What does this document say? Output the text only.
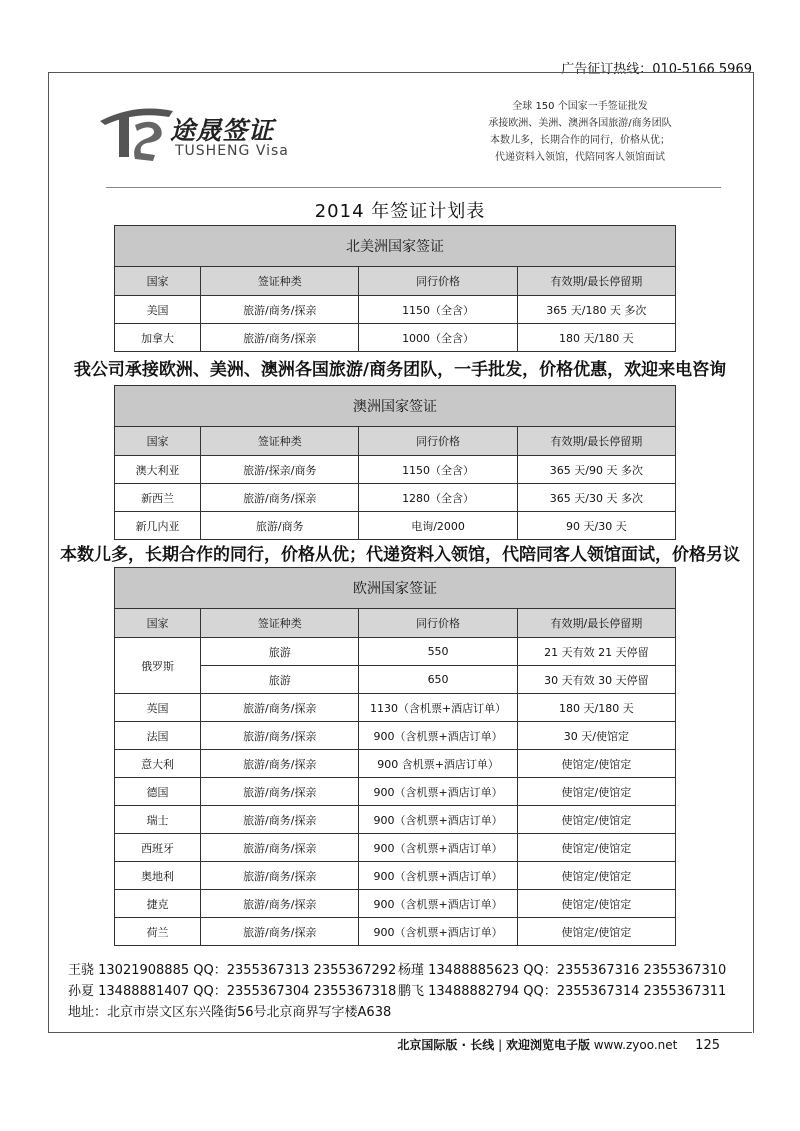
广告征订热线：010-5166 5969
途晟签证
TUSHENG Visa
全球 150 个国家一手签证批发
承接欧洲、美洲、澳洲各国旅游/商务团队
本数儿多，长期合作的同行，价格从优；
代递资料入领馆，代陪同客人领馆面试
2014 年签证计划表
北美洲国家签证			
国家	签证种类	同行价格	有效期/最长停留期
美国	旅游/商务/探亲	1150（全含）	365 天/180 天 多次
加拿大	旅游/商务/探亲	1000（全含）	180 天/180 天
我公司承接欧洲、美洲、澳洲各国旅游/商务团队，一手批发，价格优惠，欢迎来电咨询
澳洲国家签证			
国家	签证种类	同行价格	有效期/最长停留期
澳大利亚	旅游/探亲/商务	1150（全含）	365 天/90 天 多次
新西兰	旅游/商务/探亲	1280（全含）	365 天/30 天 多次
新几内亚	旅游/商务	电询/2000	90 天/30 天
本数儿多，长期合作的同行，价格从优；代递资料入领馆，代陪同客人领馆面试，价格另议
欧洲国家签证			
国家	签证种类	同行价格	有效期/最长停留期
俄罗斯	旅游	550	21 天有效 21 天停留
	旅游	650	30 天有效 30 天停留
英国	旅游/商务/探亲	1130（含机票+酒店订单）	180 天/180 天
法国	旅游/商务/探亲	900（含机票+酒店订单）	30 天/使馆定
意大利	旅游/商务/探亲	900 含机票+酒店订单）	使馆定/使馆定
德国	旅游/商务/探亲	900（含机票+酒店订单）	使馆定/使馆定
瑞士	旅游/商务/探亲	900（含机票+酒店订单）	使馆定/使馆定
西班牙	旅游/商务/探亲	900（含机票+酒店订单）	使馆定/使馆定
奥地利	旅游/商务/探亲	900（含机票+酒店订单）	使馆定/使馆定
捷克	旅游/商务/探亲	900（含机票+酒店订单）	使馆定/使馆定
荷兰	旅游/商务/探亲	900（含机票+酒店订单）	使馆定/使馆定
王骁 13021908885 QQ：2355367313 2355367292 杨瑾 13488885623 QQ：2355367316 2355367310
孙夏 13488881407 QQ：2355367304 2355367318 鹏飞 13488882794 QQ：2355367314 2355367311
地址：北京市崇文区东兴隆街56号北京商界写字楼A638
北京国际版 · 长线 | 欢迎浏览电子版 www.zyoo.net 125
